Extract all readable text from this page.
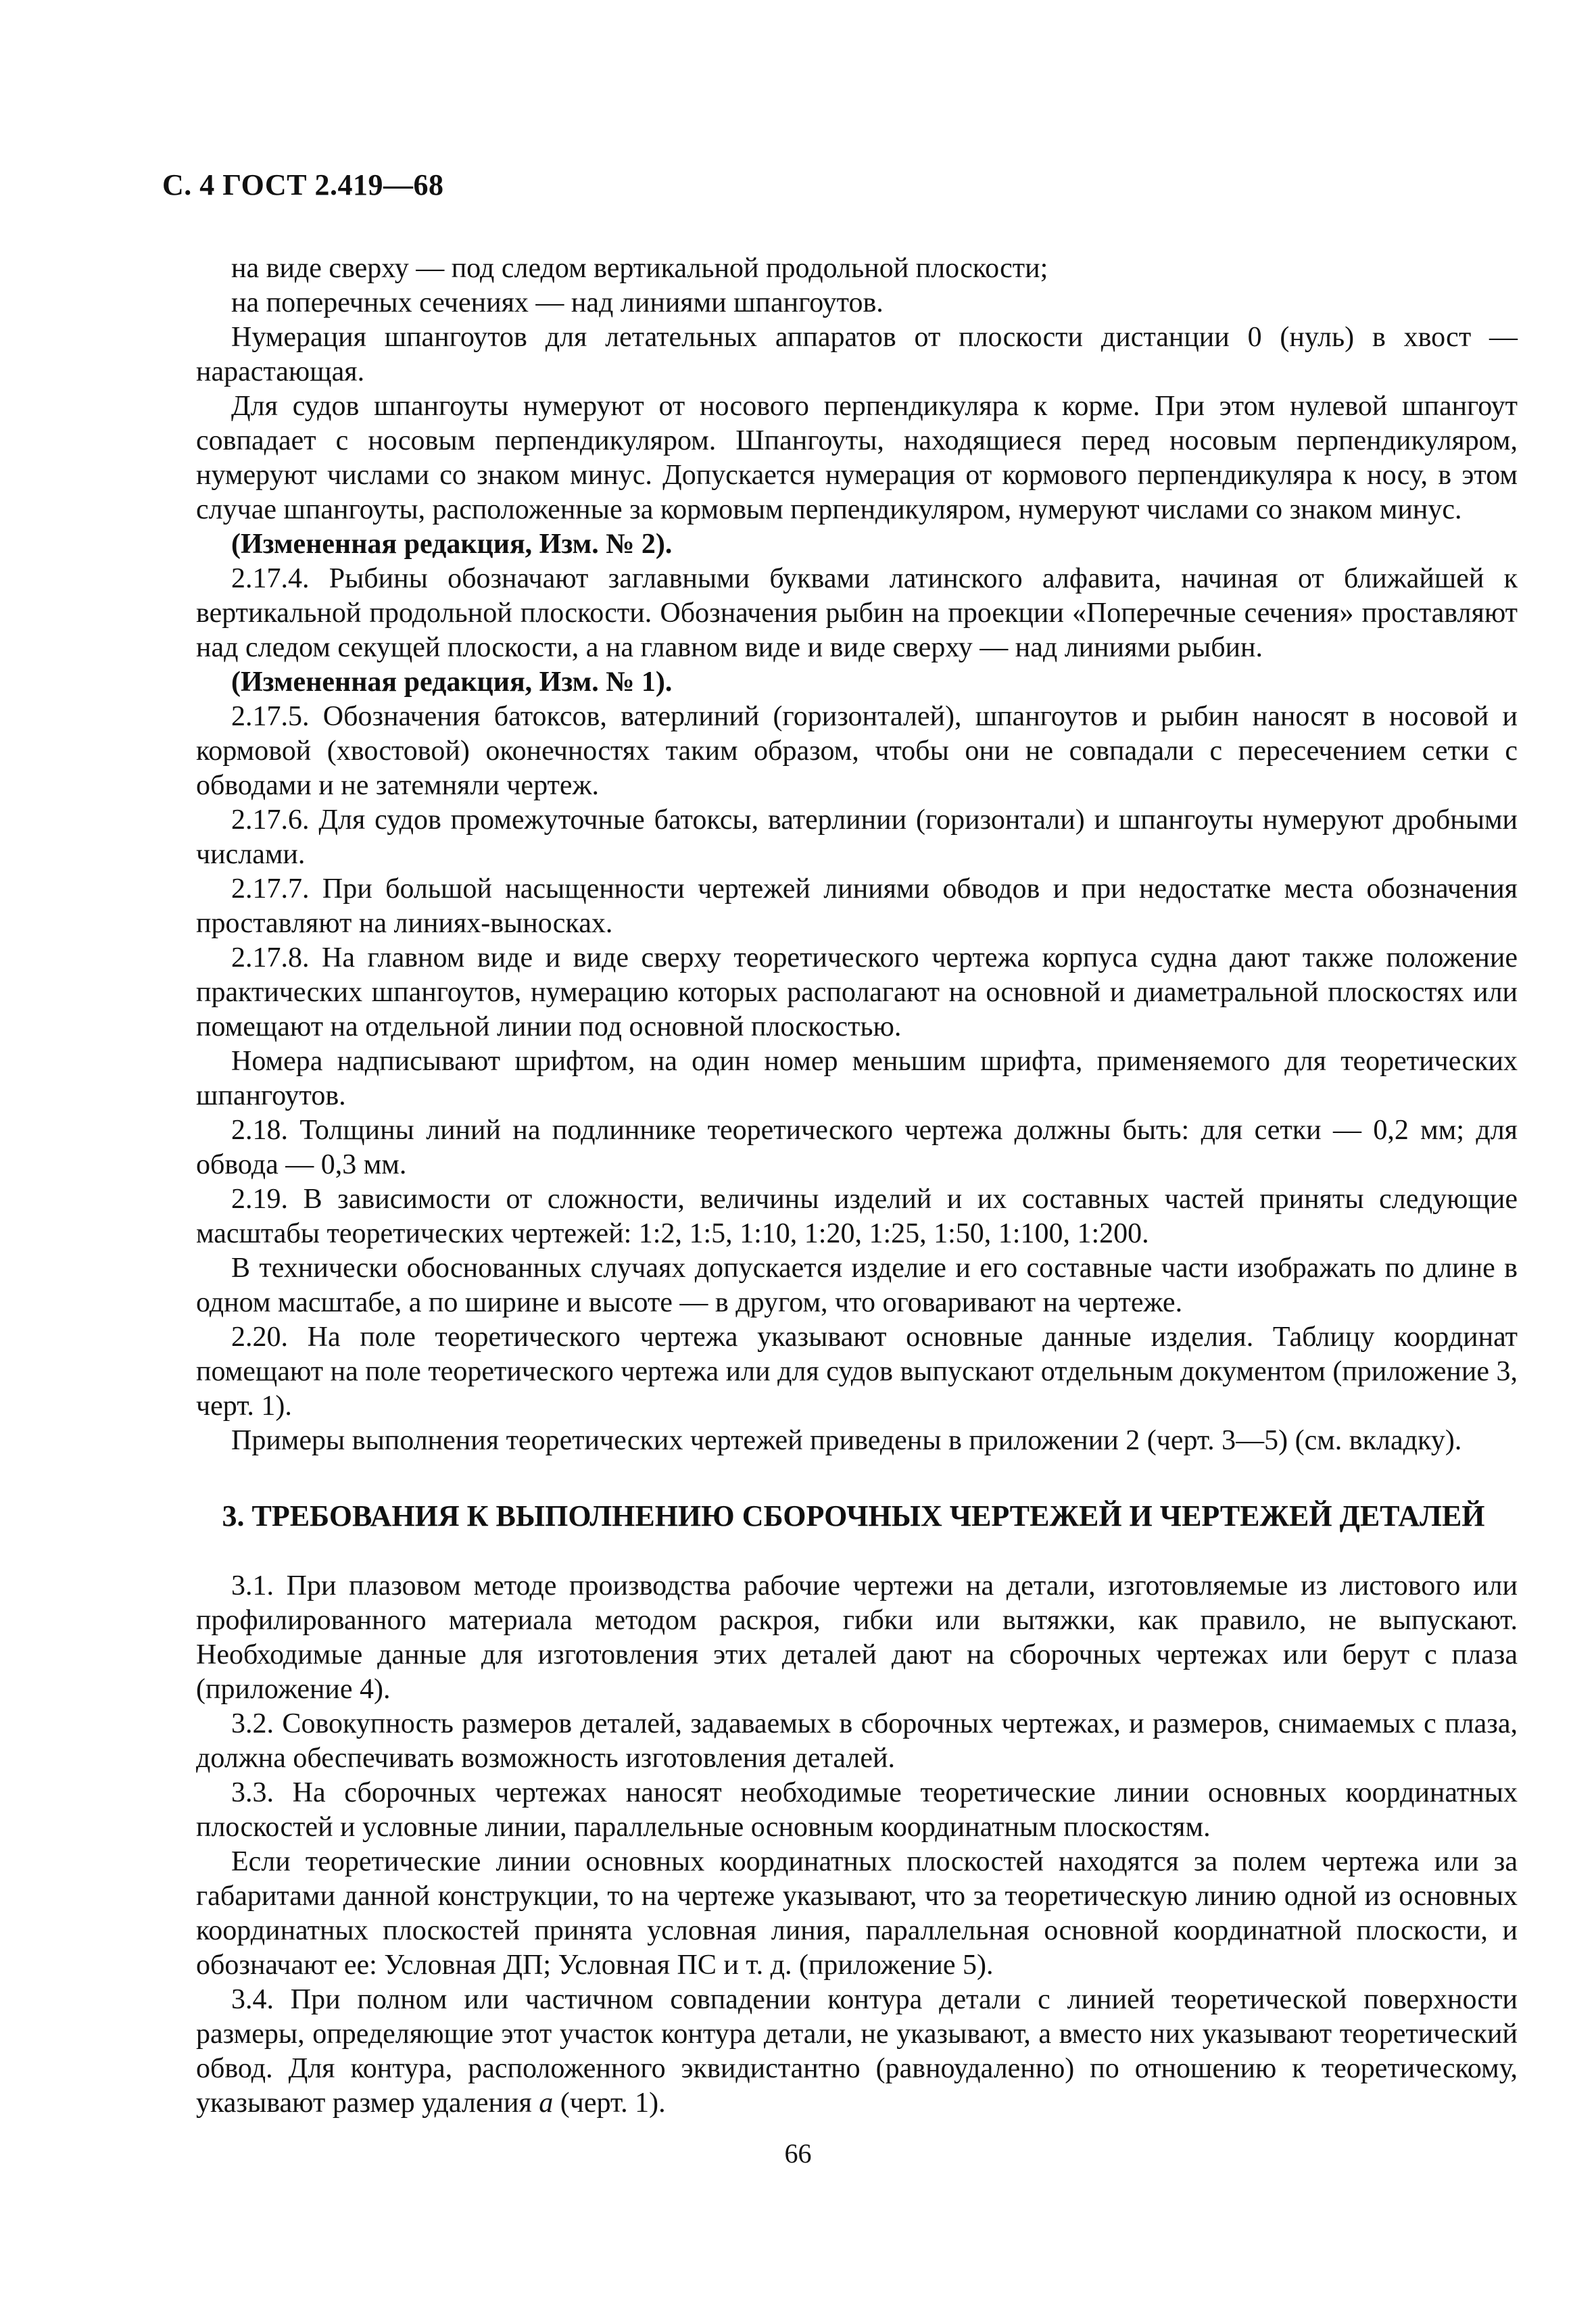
С. 4 ГОСТ 2.419—68

на виде сверху — под следом вертикальной продольной плоскости;

на поперечных сечениях — над линиями шпангоутов.

Нумерация шпангоутов для летательных аппаратов от плоскости дистанции 0 (нуль) в хвост — нарастающая.

Для судов шпангоуты нумеруют от носового перпендикуляра к корме. При этом нулевой шпангоут совпадает с носовым перпендикуляром. Шпангоуты, находящиеся перед носовым перпендикуляром, нумеруют числами со знаком минус. Допускается нумерация от кормового перпендикуляра к носу, в этом случае шпангоуты, расположенные за кормовым перпендикуляром, нумеруют числами со знаком минус.

(Измененная редакция, Изм. № 2).

2.17.4. Рыбины обозначают заглавными буквами латинского алфавита, начиная от ближайшей к вертикальной продольной плоскости. Обозначения рыбин на проекции «Поперечные сечения» проставляют над следом секущей плоскости, а на главном виде и виде сверху — над линиями рыбин.

(Измененная редакция, Изм. № 1).

2.17.5. Обозначения батоксов, ватерлиний (горизонталей), шпангоутов и рыбин наносят в носовой и кормовой (хвостовой) оконечностях таким образом, чтобы они не совпадали с пересечением сетки с обводами и не затемняли чертеж.

2.17.6. Для судов промежуточные батоксы, ватерлинии (горизонтали) и шпангоуты нумеруют дробными числами.

2.17.7. При большой насыщенности чертежей линиями обводов и при недостатке места обозначения проставляют на линиях-выносках.

2.17.8. На главном виде и виде сверху теоретического чертежа корпуса судна дают также положение практических шпангоутов, нумерацию которых располагают на основной и диаметральной плоскостях или помещают на отдельной линии под основной плоскостью.

Номера надписывают шрифтом, на один номер меньшим шрифта, применяемого для теоретических шпангоутов.

2.18. Толщины линий на подлиннике теоретического чертежа должны быть: для сетки — 0,2 мм; для обвода — 0,3 мм.

2.19. В зависимости от сложности, величины изделий и их составных частей приняты следующие масштабы теоретических чертежей: 1:2, 1:5, 1:10, 1:20, 1:25, 1:50, 1:100, 1:200.

В технически обоснованных случаях допускается изделие и его составные части изображать по длине в одном масштабе, а по ширине и высоте — в другом, что оговаривают на чертеже.

2.20. На поле теоретического чертежа указывают основные данные изделия. Таблицу координат помещают на поле теоретического чертежа или для судов выпускают отдельным документом (приложение 3, черт. 1).

Примеры выполнения теоретических чертежей приведены в приложении 2 (черт. 3—5) (см. вкладку).

3. ТРЕБОВАНИЯ К ВЫПОЛНЕНИЮ СБОРОЧНЫХ ЧЕРТЕЖЕЙ И ЧЕРТЕЖЕЙ ДЕТАЛЕЙ

3.1. При плазовом методе производства рабочие чертежи на детали, изготовляемые из листового или профилированного материала методом раскроя, гибки или вытяжки, как правило, не выпускают. Необходимые данные для изготовления этих деталей дают на сборочных чертежах или берут с плаза (приложение 4).

3.2. Совокупность размеров деталей, задаваемых в сборочных чертежах, и размеров, снимаемых с плаза, должна обеспечивать возможность изготовления деталей.

3.3. На сборочных чертежах наносят необходимые теоретические линии основных координатных плоскостей и условные линии, параллельные основным координатным плоскостям.

Если теоретические линии основных координатных плоскостей находятся за полем чертежа или за габаритами данной конструкции, то на чертеже указывают, что за теоретическую линию одной из основных координатных плоскостей принята условная линия, параллельная основной координатной плоскости, и обозначают ее: Условная ДП; Условная ПС и т. д. (приложение 5).

3.4. При полном или частичном совпадении контура детали с линией теоретической поверхности размеры, определяющие этот участок контура детали, не указывают, а вместо них указывают теоретический обвод. Для контура, расположенного эквидистантно (равноудаленно) по отношению к теоретическому, указывают размер удаления a (черт. 1).

66
